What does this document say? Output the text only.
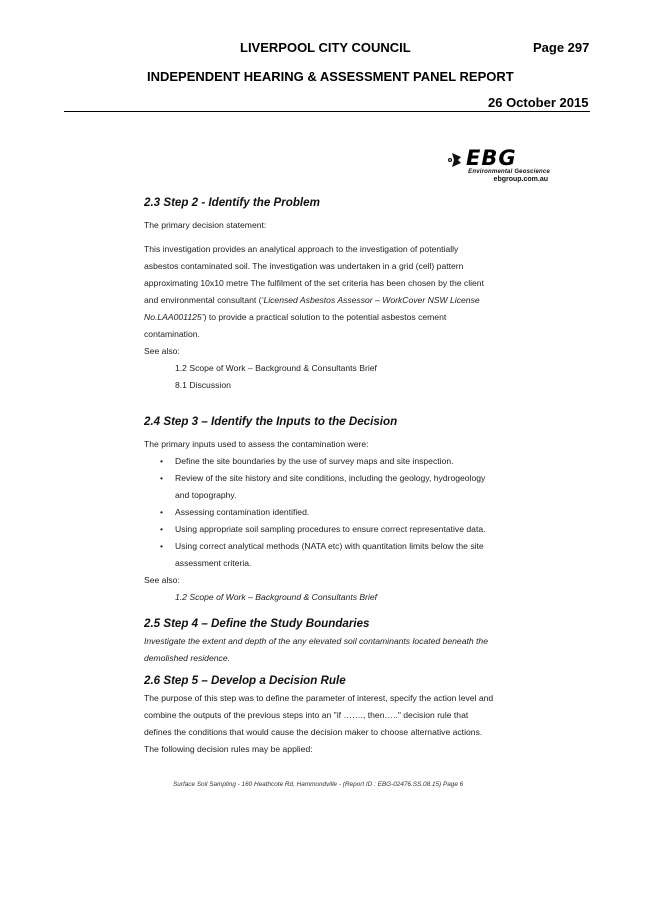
LIVERPOOL CITY COUNCIL	Page 297
INDEPENDENT HEARING & ASSESSMENT PANEL REPORT
26 October 2015
EBG
Environmental Geoscience
ebgroup.com.au
2.3 Step 2 - Identify the Problem

The primary decision statement:

This investigation provides an analytical approach to the investigation of potentially

asbestos contaminated soil. The investigation was undertaken in a grid (cell) pattern

approximating 10x10 metre The fulfilment of the set criteria has been chosen by the client

and environmental consultant (‘Licensed Asbestos Assessor – WorkCover NSW License

No.LAA001125’) to provide a practical solution to the potential asbestos cement

contamination.

See also:

1.2 Scope of Work – Background & Consultants Brief

8.1 Discussion

2.4 Step 3 – Identify the Inputs to the Decision

The primary inputs used to assess the contamination were:

• Define the site boundaries by the use of survey maps and site inspection.
• Review of the site history and site conditions, including the geology, hydrogeology
and topography.
• Assessing contamination identified.
• Using appropriate soil sampling procedures to ensure correct representative data.
• Using correct analytical methods (NATA etc) with quantitation limits below the site
assessment criteria.

See also:

1.2 Scope of Work – Background & Consultants Brief

2.5 Step 4 – Define the Study Boundaries

Investigate the extent and depth of the any elevated soil contaminants located beneath the

demolished residence.

2.6 Step 5 – Develop a Decision Rule

The purpose of this step was to define the parameter of interest, specify the action level and

combine the outputs of the previous steps into an "if ……., then….." decision rule that

defines the conditions that would cause the decision maker to choose alternative actions.

The following decision rules may be applied:

Surface Soil Sampling - 160 Heathcote Rd, Hammondville - (Report ID : EBG-02476.SS.08.15) Page 6
